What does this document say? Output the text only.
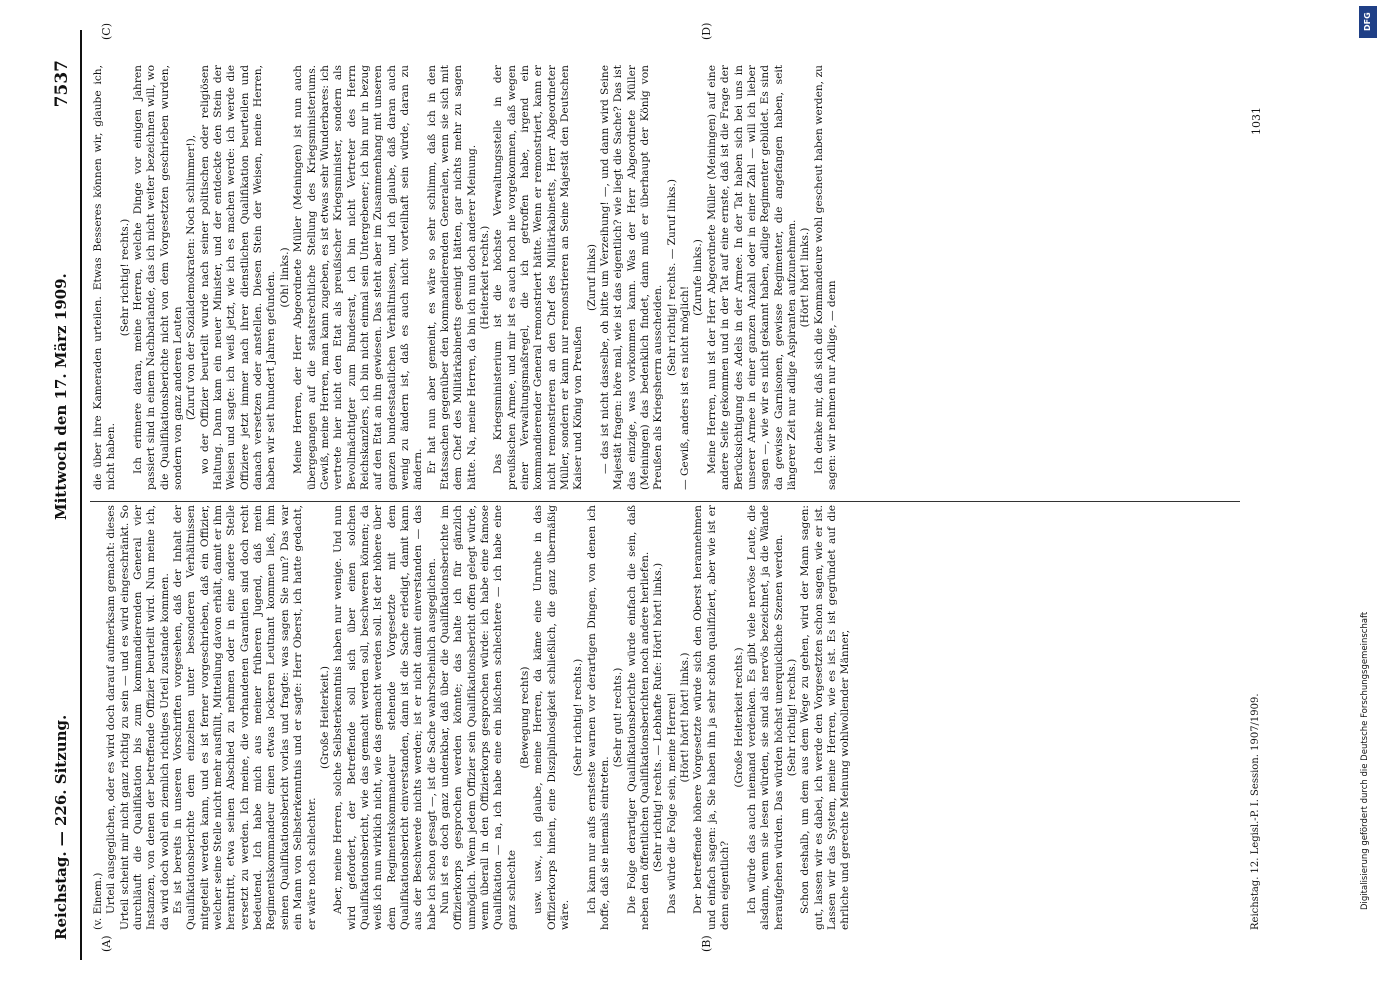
Reichstag. — 226. Sitzung.
Mittwoch den 17. März 1909.
7537
(A)	(B)
(C)	(D)

(v. Einem.) Urteil ausgeglichen, oder es wird doch darauf aufmerksam gemacht: dieses Urteil scheint mir nicht ganz richtig zu sein — und es wird eingeschränkt. So durchläuft die Qualifikation bis zum kommandierenden General vier Instanzen, von denen der betreffende Offizier beurteilt wird. Nun meine ich, da wird doch wohl ein ziemlich richtiges Urteil zustande kommen. Es ist bereits in unseren Vorschriften vorgesehen, daß der Inhalt der Qualifikationsberichte dem einzelnen unter besonderen Verhältnissen mitgeteilt werden kann, und es ist ferner vorgeschrieben, daß ein Offizier, welcher seine Stelle nicht mehr ausfüllt, Mitteilung davon erhält, damit er ihm herantritt, etwa seinen Abschied zu nehmen oder in eine andere Stelle versetzt zu werden. Ich meine, die vorhandenen Garantien sind doch recht bedeutend. Ich habe mich aus meiner früheren Jugend, daß mein Regimentskommandeur einen etwas lockeren Leutnant kommen ließ, ihm seinen Qualifikationsbericht vorlas und fragte: was sagen Sie nun? Das war ein Mann von Selbsterkenntnis und er sagte: Herr Oberst, ich hatte gedacht, er wäre noch schlechter.

(Große Heiterkeit.) Aber, meine Herren, solche Selbsterkenntnis haben nur wenige. Und nun wird gefordert, der Betreffende soll sich über einen solchen Qualifikationsbericht, wie das gemacht werden soll, beschweren können; da weiß ich nun wirklich nicht, wie das gemacht werden soll. Ist der höhere über dem Regimentskommandeur stehende Vorgesetzte mit dem Qualifikationsbericht einverstanden, dann ist die Sache erledigt, damit kann aus der Beschwerde nichts werden; ist er nicht damit einverstanden — das habe ich schon gesagt —, ist die Sache wahrscheinlich ausgeglichen. Nun ist es doch ganz undenkbar, daß über die Qualifikationsberichte im Offizierkorps gesprochen werden könnte; das halte ich für gänzlich unmöglich. Wenn jedem Offizier sein Qualifikationsbericht offen gelegt würde, wenn überall in den Offizierkorps gesprochen würde: ich habe eine famose Qualifikation — na, ich habe eine ein bißchen schlechtere — ich habe eine ganz schlechte

(Bewegung rechts) usw. usw., ich glaube, meine Herren, da käme eine Unruhe in das Offizierkorps hinein, eine Disziplinlosigkeit schließlich, die ganz übermäßig wäre.

(Sehr richtig! rechts.) Ich kann nur aufs ernsteste warnen vor derartigen Dingen, von denen ich hoffe, daß sie niemals eintreten.

(Sehr gut! rechts.) Die Folge derartiger Qualifikationsberichte würde einfach die sein, daß neben den öffentlichen Qualifikationsberichten noch andere herliefen. (Sehr richtig! rechts. — Lebhafte Rufe: Hört! hört! links.) Das würde die Folge sein, meine Herren! (Hört! hört! hört! links.) Der betreffende höhere Vorgesetzte würde sich den Oberst herannehmen und einfach sagen: ja, Sie haben ihn ja sehr schön qualifiziert, aber wie ist er denn eigentlich?

(Große Heiterkeit rechts.) Ich würde das auch niemand verdenken. Es gibt viele nervöse Leute, die alsdann, wenn sie lesen würden, sie sind als nervös bezeichnet, ja die Wände heraufgehen würden. Das würden höchst unerquickliche Szenen werden. (Sehr richtig! rechts.) Schon deshalb, um dem aus dem Wege zu gehen, wird der Mann sagen: gut, lassen wir es dabei, ich werde den Vorgesetzten schon sagen, wie er ist. Lassen wir das System, meine Herren, wie es ist. Es ist gegründet auf die ehrliche und gerechte Meinung wohlwollender Männer,

die über ihre Kameraden urteilen. Etwas Besseres können wir, glaube ich, nicht haben.

(Sehr richtig! rechts.) Ich erinnere daran, meine Herren, welche Dinge vor einigen Jahren passiert sind in einem Nachbarlande, das ich nicht weiter bezeichnen will, wo die Qualifikationsberichte nicht von dem Vorgesetzten geschrieben wurden, sondern von ganz anderen Leuten (Zuruf von der Sozialdemokraten: Noch schlimmer!), wo der Offizier beurteilt wurde nach seiner politischen oder religiösen Haltung. Dann kam ein neuer Minister, und der entdeckte den Stein der Weisen und sagte: ich weiß jetzt, wie ich es machen werde: ich werde die Offiziere jetzt immer nach ihrer dienstlichen Qualifikation beurteilen und danach versetzen oder anstellen. Diesen Stein der Weisen, meine Herren, haben wir seit hundert Jahren gefunden. (Oh! links.) Meine Herren, der Herr Abgeordnete Müller (Meiningen) ist nun auch übergegangen auf die staatsrechtliche Stellung des Kriegsministeriums. Gewiß, meine Herren, man kann zugeben, es ist etwas sehr Wunderbares: ich vertrete hier nicht den Etat als preußischer Kriegsminister, sondern als Bevollmächtigter zum Bundesrat, ich bin nicht Vertreter des Herrn Reichskanzlers, ich bin nicht einmal sein Untergebener; ich bin nur in bezug auf den Etat an ihn gewiesen. Das steht aber im Zusammenhang mit unseren ganzen bundesstaatlichen Verhältnissen, und ich glaube, daß daran auch wenig zu ändern ist, daß es auch nicht vorteilhaft sein würde, daran zu ändern. Er hat nun aber gemeint, es wäre so sehr schlimm, daß ich in den Etatssachen gegenüber den kommandierenden Generalen, wenn sie sich mit dem Chef des Militärkabinetts geeinigt hätten, gar nichts mehr zu sagen hätte. Na, meine Herren, da bin ich nun doch anderer Meinung. (Heiterkeit rechts.) Das Kriegsministerium ist die höchste Verwaltungsstelle in der preußischen Armee, und mir ist es auch noch nie vorgekommen, daß wegen einer Verwaltungsmaßregel, die ich getroffen habe, irgend ein kommandierender General remonstriert hätte. Wenn er remonstriert, kann er nicht remonstrieren an den Chef des Militärkabinetts, Herr Abgeordneter Müller, sondern er kann nur remonstrieren an Seine Majestät den Deutschen Kaiser und König von Preußen

(Zuruf links) — das ist nicht dasselbe, oh bitte um Verzeihung! —, und dann wird Seine Majestät fragen: höre mal, wie ist das eigentlich? wie liegt die Sache? Das ist das einzige, was vorkommen kann. Was der Herr Abgeordnete Müller (Meiningen) das bedenklich findet, dann muß er überhaupt der König von Preußen als Kriegsherrn ausscheiden.

(Sehr richtig! rechts. — Zuruf links.)

— Gewiß, anders ist es nicht möglich!

(Zurufe links.) Meine Herren, nun ist der Herr Abgeordnete Müller (Meiningen) auf eine andere Seite gekommen und in der Tat auf eine ernste, daß ist die Frage der Berücksichtigung des Adels in der Armee. In der Tat haben sich bei uns in unserer Armee in einer ganzen Anzahl oder in einer Zahl — will ich lieber sagen —, wie wir es nicht gekannt haben, adlige Regimenter gebildet. Es sind da gewisse Garnisonen, gewisse Regimenter, die angefangen haben, seit längerer Zeit nur adlige Aspiranten aufzunehmen. (Hört! hört! links.) Ich denke mir, daß sich die Kommandeure wohl gescheut haben werden, zu sagen: wir nehmen nur Adlige, — denn

Reichstag. 12. Legisl.-P. I. Session. 1907/1909.
1031
Digitalisierung gefördert durch die Deutsche Forschungsgemeinschaft
DFG
